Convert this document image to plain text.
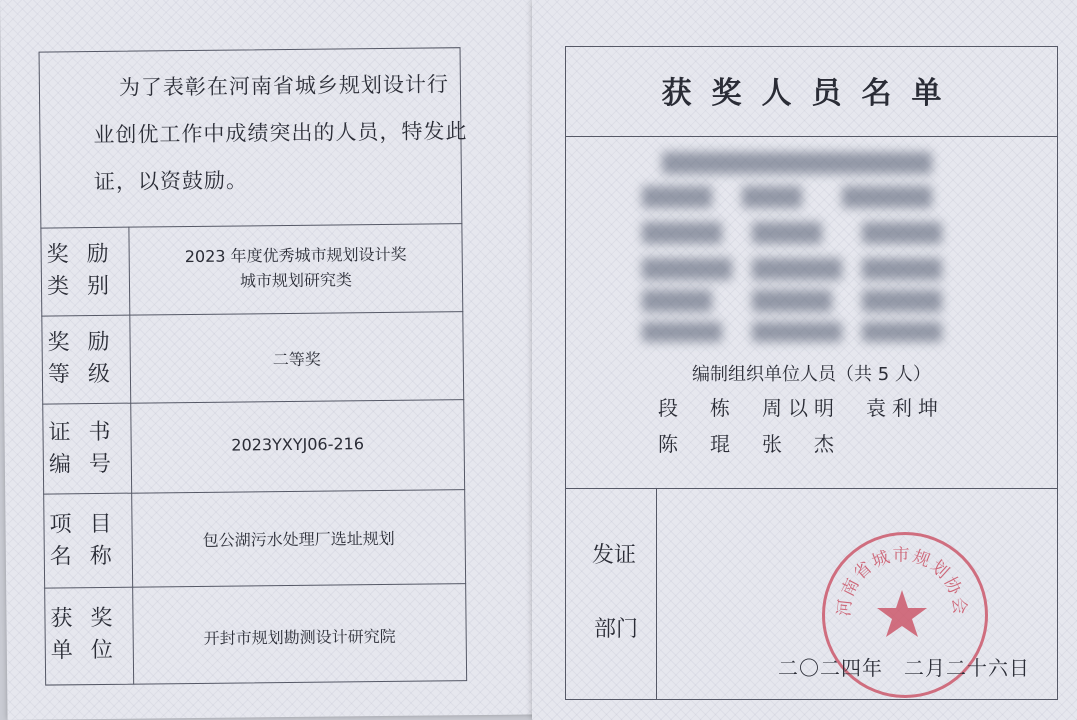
为了表彰在河南省城乡规划设计行
业创优工作中成绩突出的人员，特发此
证，以资鼓励。
奖励
类别
2023 年度优秀城市规划设计奖
城市规划研究类
奖励
等级
二等奖
证书
编号
2023YXYJ06-216
项目
名称
包公湖污水处理厂选址规划
获奖
单位
开封市规划勘测设计研究院
获奖人员名单
编制组织单位人员（共 5 人）
段　栋　周以明　袁利坤
陈　琨　张　杰
发证
部门
河南省城市规划协会
二〇二四年　二月二十六日
